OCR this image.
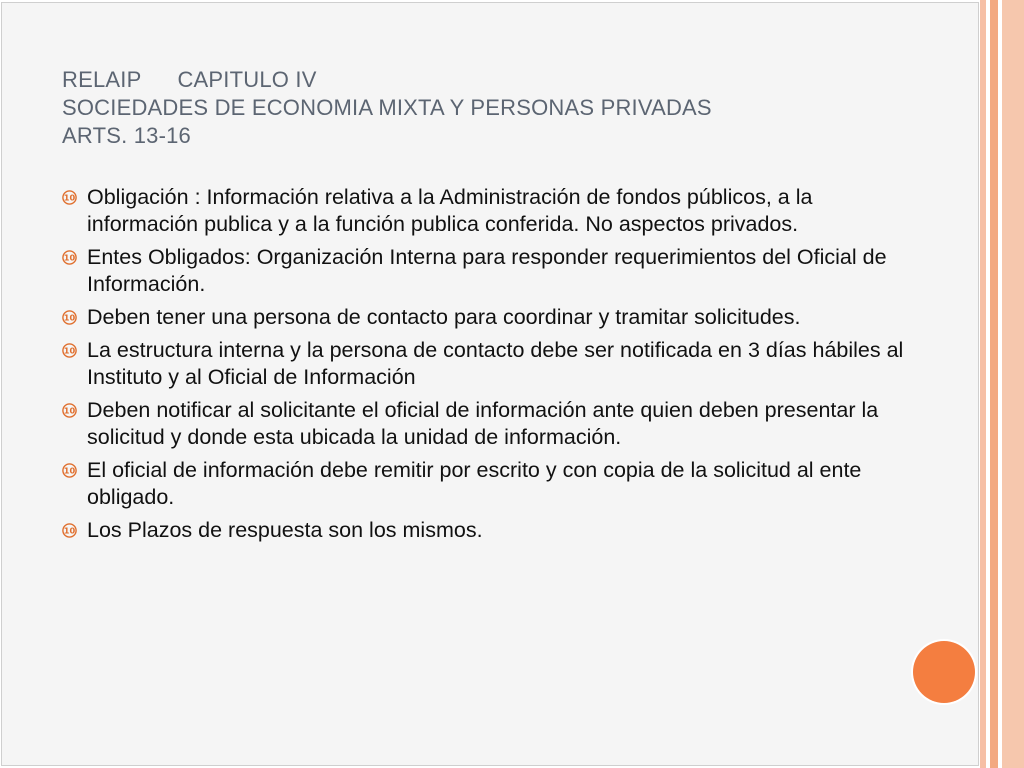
RELAIP CAPITULO IV
SOCIEDADES DE ECONOMIA MIXTA Y PERSONAS PRIVADAS
ARTS. 13-16
10 Obligación : Información relativa a la Administración de fondos públicos, a la información publica y a la función publica conferida. No aspectos privados.
10 Entes Obligados: Organización Interna para responder requerimientos del Oficial de Información.
10 Deben tener una persona de contacto para coordinar y tramitar solicitudes.
10 La estructura interna y la persona de contacto debe ser notificada en 3 días hábiles al Instituto y al Oficial de Información
10 Deben notificar al solicitante el oficial de información ante quien deben presentar la solicitud y donde esta ubicada la unidad de información.
10 El oficial de información debe remitir por escrito y con copia de la solicitud al ente obligado.
10 Los Plazos de respuesta son los mismos.
